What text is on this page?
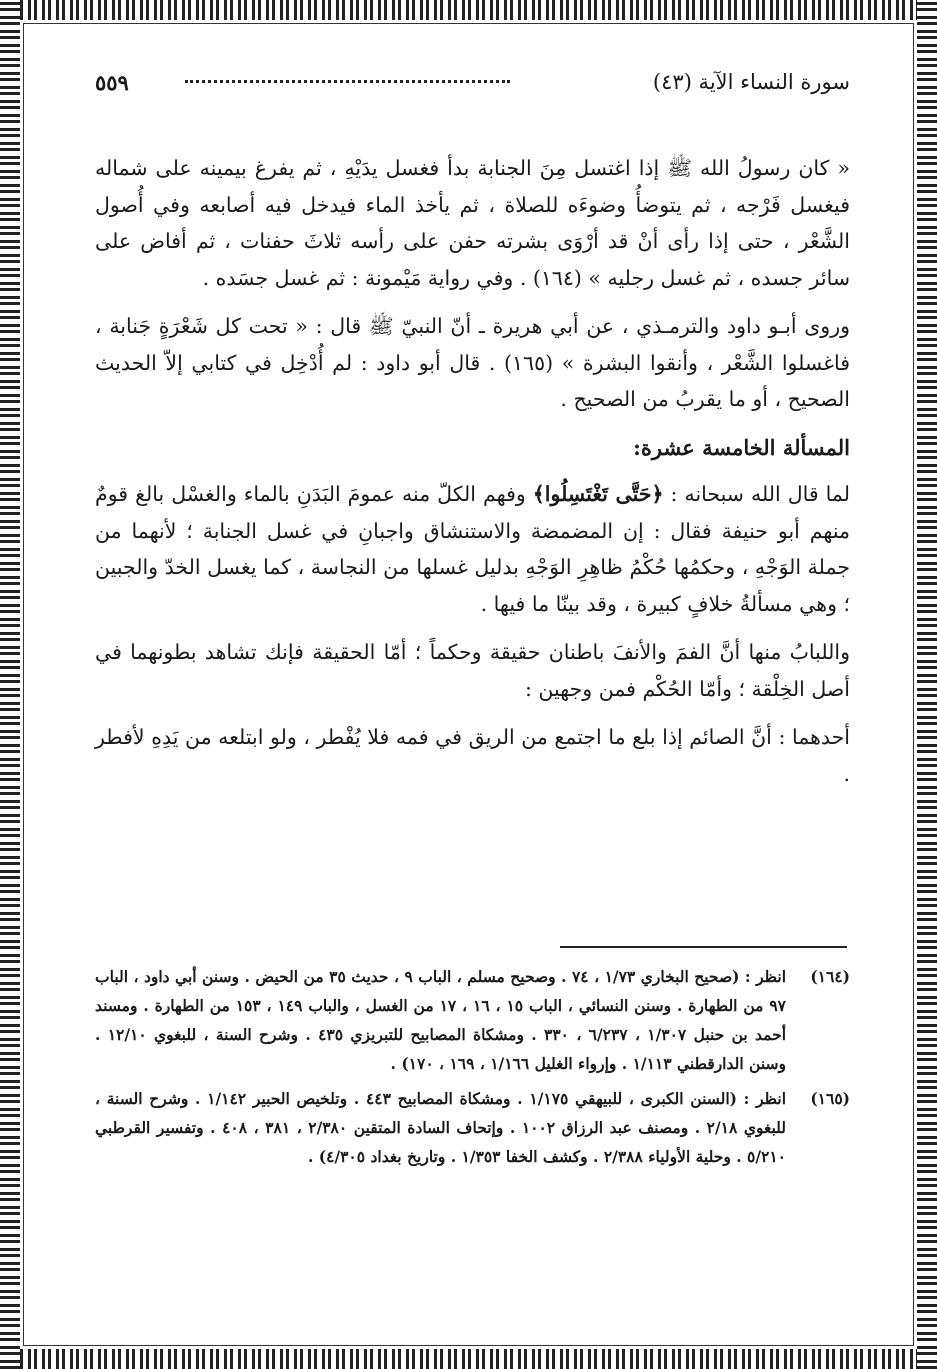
سورة النساء الآية (٤٣)
٥٥٩

« كان رسولُ الله ﷺ إذا اغتسل مِنَ الجنابة بدأ فغسل يدَيْهِ ، ثم يفرغ بيمينه على شماله فيغسل فَرْجه ، ثم يتوضأُ وضوءَه للصلاة ، ثم يأخذ الماء فيدخل فيه أصابعه وفي أُصول الشَّعْر ، حتى إذا رأى أنْ قد أرْوَى بشرته حفن على رأسه ثلاثَ حفنات ، ثم أفاض على سائر جسده ، ثم غسل رجليه » (١٦٤) . وفي رواية مَيْمونة : ثم غسل جسَده .

وروى أبـو داود والترمـذي ، عن أبي هريرة ـ أنّ النبيّ ﷺ قال : « تحت كل شَعْرَةٍ جَنابة ، فاغسلوا الشَّعْر ، وأنقوا البشرة » (١٦٥) . قال أبو داود : لم أُدْخِل في كتابي إلاّ الحديث الصحيح ، أو ما يقربُ من الصحيح .

المسألة الخامسة عشرة:

لما قال الله سبحانه : ﴿حَتَّى تَغْتَسِلُوا﴾ وفهم الكلّ منه عمومَ البَدَنِ بالماء والغسْل بالغ قومٌ منهم أبو حنيفة فقال : إن المضمضة والاستنشاق واجبانِ في غسل الجنابة ؛ لأنهما من جملة الوَجْهِ ، وحكمُها حُكْمُ ظاهِرِ الوَجْهِ بدليل غسلها من النجاسة ، كما يغسل الخدّ والجبين ؛ وهي مسألةُ خلافٍ كبيرة ، وقد بينّا ما فيها .

واللبابُ منها أنَّ الفمَ والأنفَ باطنان حقيقة وحكماً ؛ أمّا الحقيقة فإنك تشاهد بطونهما في أصل الخِلْقة ؛ وأمّا الحُكْم فمن وجهين :

أحدهما : أنَّ الصائم إذا بلع ما اجتمع من الريق في فمه فلا يُفْطر ، ولو ابتلعه من يَدِهِ لأفطر .

(١٦٤)
انظر : (صحيح البخاري ١/٧٣ ، ٧٤ . وصحيح مسلم ، الباب ٩ ، حديث ٣٥ من الحيض . وسنن أبي داود ، الباب ٩٧ من الطهارة . وسنن النسائي ، الباب ١٥ ، ١٦ ، ١٧ من الغسل ، والباب ١٤٩ ، ١٥٣ من الطهارة . ومسند أحمد بن حنبل ١/٣٠٧ ، ٦/٢٣٧ ، ٣٣٠ . ومشكاة المصابيح للتبريزي ٤٣٥ . وشرح السنة ، للبغوي ١٢/١٠ . وسنن الدارقطني ١/١١٣ . وإرواء الغليل ١/١٦٦ ، ١٦٩ ، ١٧٠) .
(١٦٥)
انظر : (السنن الكبرى ، للبيهقي ١/١٧٥ . ومشكاة المصابيح ٤٤٣ . وتلخيص الحبير ١/١٤٢ . وشرح السنة ، للبغوي ٢/١٨ . ومصنف عبد الرزاق ١٠٠٢ . وإتحاف السادة المتقين ٢/٣٨٠ ، ٣٨١ ، ٤٠٨ . وتفسير القرطبي ٥/٢١٠ . وحلية الأولياء ٢/٣٨٨ . وكشف الخفا ١/٣٥٣ . وتاريخ بغداد ٤/٣٠٥) .
